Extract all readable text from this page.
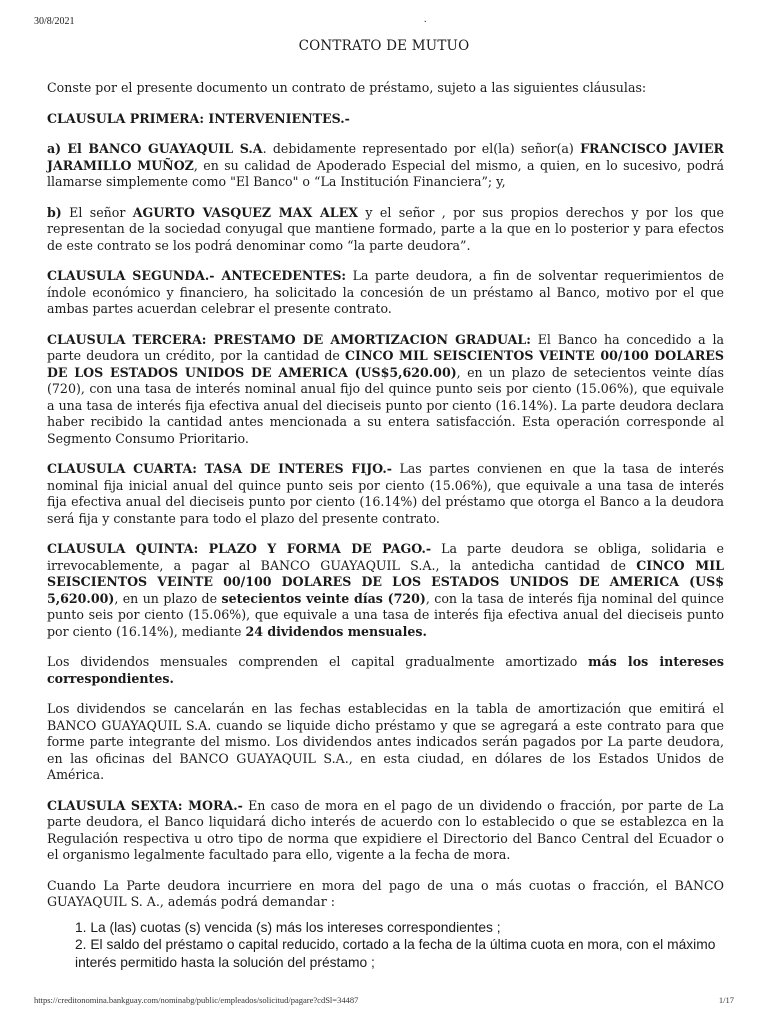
30/8/2021	.
CONTRATO DE MUTUO

Conste por el presente documento un contrato de préstamo, sujeto a las siguientes cláusulas:

CLAUSULA PRIMERA: INTERVENIENTES.-

a) El BANCO GUAYAQUIL S.A. debidamente representado por el(la) señor(a) FRANCISCO JAVIER JARAMILLO MUÑOZ, en su calidad de Apoderado Especial del mismo, a quien, en lo sucesivo, podrá llamarse simplemente como "El Banco" o “La Institución Financiera”; y,

b) El señor AGURTO VASQUEZ MAX ALEX y el señor , por sus propios derechos y por los que representan de la sociedad conyugal que mantiene formado, parte a la que en lo posterior y para efectos de este contrato se los podrá denominar como “la parte deudora”.

CLAUSULA SEGUNDA.- ANTECEDENTES: La parte deudora, a fin de solventar requerimientos de índole económico y financiero, ha solicitado la concesión de un préstamo al Banco, motivo por el que ambas partes acuerdan celebrar el presente contrato.

CLAUSULA TERCERA: PRESTAMO DE AMORTIZACION GRADUAL: El Banco ha concedido a la parte deudora un crédito, por la cantidad de CINCO MIL SEISCIENTOS VEINTE 00/100 DOLARES DE LOS ESTADOS UNIDOS DE AMERICA (US$5,620.00), en un plazo de setecientos veinte días (720), con una tasa de interés nominal anual fijo del quince punto seis por ciento (15.06%), que equivale a una tasa de interés fija efectiva anual del dieciseis punto por ciento (16.14%). La parte deudora declara haber recibido la cantidad antes mencionada a su entera satisfacción. Esta operación corresponde al Segmento Consumo Prioritario.

CLAUSULA CUARTA: TASA DE INTERES FIJO.- Las partes convienen en que la tasa de interés nominal fija inicial anual del quince punto seis por ciento (15.06%), que equivale a una tasa de interés fija efectiva anual del dieciseis punto por ciento (16.14%) del préstamo que otorga el Banco a la deudora será fija y constante para todo el plazo del presente contrato.

CLAUSULA QUINTA: PLAZO Y FORMA DE PAGO.- La parte deudora se obliga, solidaria e irrevocablemente, a pagar al BANCO GUAYAQUIL S.A., la antedicha cantidad de CINCO MIL SEISCIENTOS VEINTE 00/100 DOLARES DE LOS ESTADOS UNIDOS DE AMERICA (US$ 5,620.00), en un plazo de setecientos veinte días (720), con la tasa de interés fija nominal del quince punto seis por ciento (15.06%), que equivale a una tasa de interés fija efectiva anual del dieciseis punto por ciento (16.14%), mediante 24 dividendos mensuales.

Los dividendos mensuales comprenden el capital gradualmente amortizado más los intereses correspondientes.

Los dividendos se cancelarán en las fechas establecidas en la tabla de amortización que emitirá el BANCO GUAYAQUIL S.A. cuando se liquide dicho préstamo y que se agregará a este contrato para que forme parte integrante del mismo. Los dividendos antes indicados serán pagados por La parte deudora, en las oficinas del BANCO GUAYAQUIL S.A., en esta ciudad, en dólares de los Estados Unidos de América.

CLAUSULA SEXTA: MORA.- En caso de mora en el pago de un dividendo o fracción, por parte de La parte deudora, el Banco liquidará dicho interés de acuerdo con lo establecido o que se establezca en la Regulación respectiva u otro tipo de norma que expidiere el Directorio del Banco Central del Ecuador o el organismo legalmente facultado para ello, vigente a la fecha de mora.

Cuando La Parte deudora incurriere en mora del pago de una o más cuotas o fracción, el BANCO GUAYAQUIL S. A., además podrá demandar :

1. La (las) cuotas (s) vencida (s) más los intereses correspondientes ;
2. El saldo del préstamo o capital reducido, cortado a la fecha de la última cuota en mora, con el máximo interés permitido hasta la solución del préstamo ;
https://creditonomina.bankguay.com/nominabg/public/empleados/solicitud/pagare?cdSl=34487	1/17
